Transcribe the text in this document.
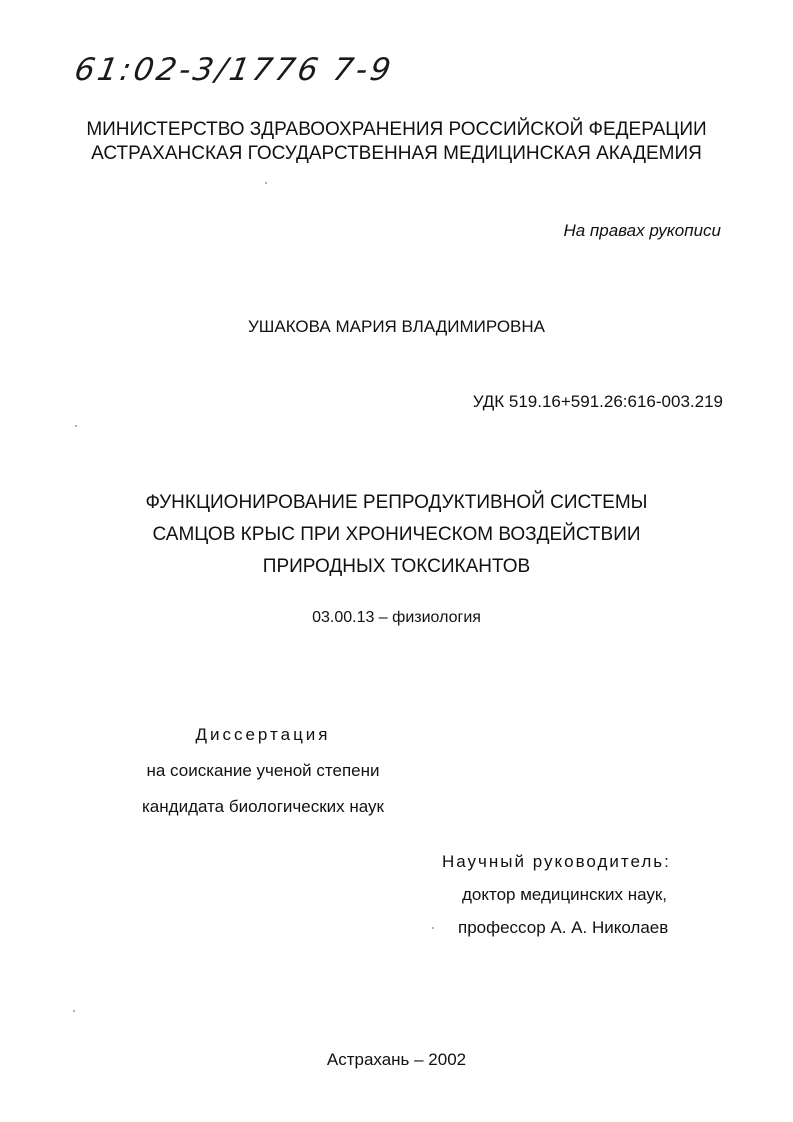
61:02-3/1776 7-9
МИНИСТЕРСТВО ЗДРАВООХРАНЕНИЯ РОССИЙСКОЙ ФЕДЕРАЦИИ
АСТРАХАНСКАЯ ГОСУДАРСТВЕННАЯ МЕДИЦИНСКАЯ АКАДЕМИЯ
На правах рукописи
УШАКОВА МАРИЯ ВЛАДИМИРОВНА
УДК 519.16+591.26:616-003.219
ФУНКЦИОНИРОВАНИЕ РЕПРОДУКТИВНОЙ СИСТЕМЫ
САМЦОВ КРЫС ПРИ ХРОНИЧЕСКОМ ВОЗДЕЙСТВИИ
ПРИРОДНЫХ ТОКСИКАНТОВ
03.00.13 – физиология
Диссертация
на соискание ученой степени
кандидата биологических наук
Научный руководитель:
доктор медицинских наук,
профессор А. А. Николаев
Астрахань – 2002
